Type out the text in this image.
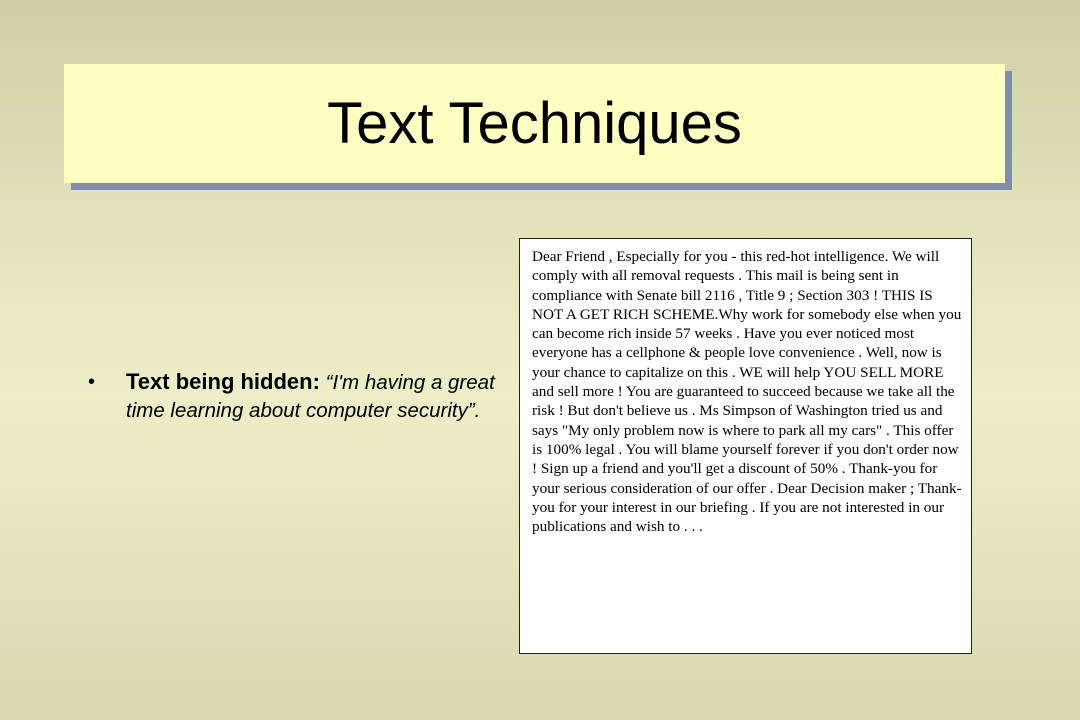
Text Techniques
•	Text being hidden: “I'm having a great time learning about computer security”.
Dear Friend , Especially for you - this red-hot intelligence. We will comply with all removal requests . This mail is being sent in compliance with Senate bill 2116 , Title 9 ; Section 303 ! THIS IS NOT A GET RICH SCHEME.Why work for somebody else when you can become rich inside 57 weeks . Have you ever noticed most everyone has a cellphone & people love convenience . Well, now is your chance to capitalize on this . WE will help YOU SELL MORE and sell more ! You are guaranteed to succeed because we take all the risk ! But don't believe us . Ms Simpson of Washington tried us and says "My only problem now is where to park all my cars" . This offer is 100% legal . You will blame yourself forever if you don't order now ! Sign up a friend and you'll get a discount of 50% . Thank-you for your serious consideration of our offer . Dear Decision maker ; Thank-you for your interest in our briefing . If you are not interested in our publications and wish to . . .
